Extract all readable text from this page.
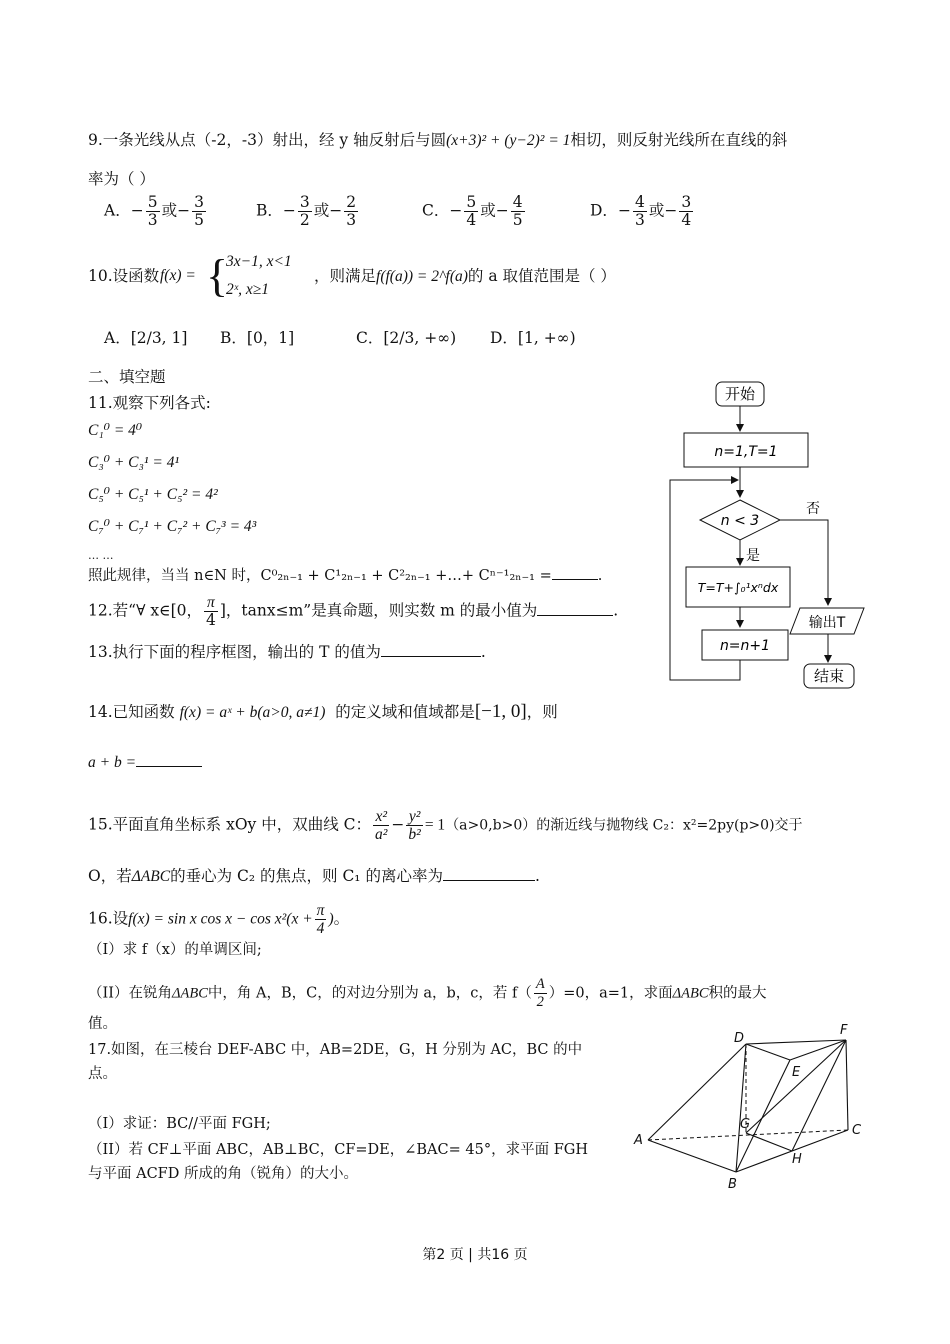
9.一条光线从点（-2，-3）射出，经 y 轴反射后与圆(x+3)² + (y−2)² = 1相切，则反射光线所在直线的斜
率为（ ）
A．− $\frac{5}{3}$ 或− $\frac{3}{5}$	B．− $\frac{3}{2}$ 或− $\frac{2}{3}$	C．− $\frac{5}{4}$ 或− $\frac{4}{5}$	D．− $\frac{4}{3}$ 或− $\frac{3}{4}$
10.设函数 f(x) = {
3x−1, x<1
2ˣ, x≥1
，则满足f(f(a)) = 2^f(a)的 a 取值范围是（ ）
A．[2/3, 1] B．[0，1]	C．[2/3, +∞) D．[1, +∞)
二、填空题
11.观察下列各式:
C₁⁰ = 4⁰
C₃⁰ + C₃¹ = 4¹
C₅⁰ + C₅¹ + C₅² = 4²
C₇⁰ + C₇¹ + C₇² + C₇³ = 4³
… …
照此规律，当当 n∈N 时，C⁰₂ₙ₋₁ + C¹₂ₙ₋₁ + C²₂ₙ₋₁ +…+ Cⁿ⁻¹₂ₙ₋₁ =	.
12.若“∀ x∈[0， $\frac{\pi}{4}$ ]，tanx≤m”是真命题，则实数 m 的最小值为	.
13.执行下面的程序框图，输出的 T 的值为	.
开始
n=1,T=1
n < 3
否
是
T=T+∫₀¹xⁿdx
n=n+1
输出T
结束
14.已知函数 f(x) = aˣ + b(a>0, a≠1) 的定义域和值域都是[−1, 0]，则
a + b =
15.平面直角坐标系 xOy 中，双曲线 C： $\frac{\text{x²}}{\text{a²}} - \frac{\text{y²}}{\text{b²}} = 1(a>0,b>0)$的渐近线与抛物线 C₂：x²=2py(p>0)交于
O，若ΔABC的垂心为 C₂ 的焦点，则 C₁ 的离心率为	.
16.设f(x) = sin x $\cos x - \cos x^2(x + \frac{\pi}{4}$ )。
（I）求 f（x）的单调区间;
（II）在锐角ΔABC中，角 A，B，C，的对边分别为 a，b，c，若 $f( \frac{A}{2} )=0$，a=1，求面ΔABC积的最大
值。
17.如图，在三棱台 DEF-ABC 中，AB=2DE，G，H 分别为 AC，BC 的中
点。
（I）求证：BC//平面 FGH;
（II）若 CF⊥平面 ABC，AB⊥BC，CF=DE，∠BAC= 45°，求平面 FGH
与平面 ACFD 所成的角（锐角）的大小。
D
E
F
A
B
C
G
H
第2 页 | 共16 页
